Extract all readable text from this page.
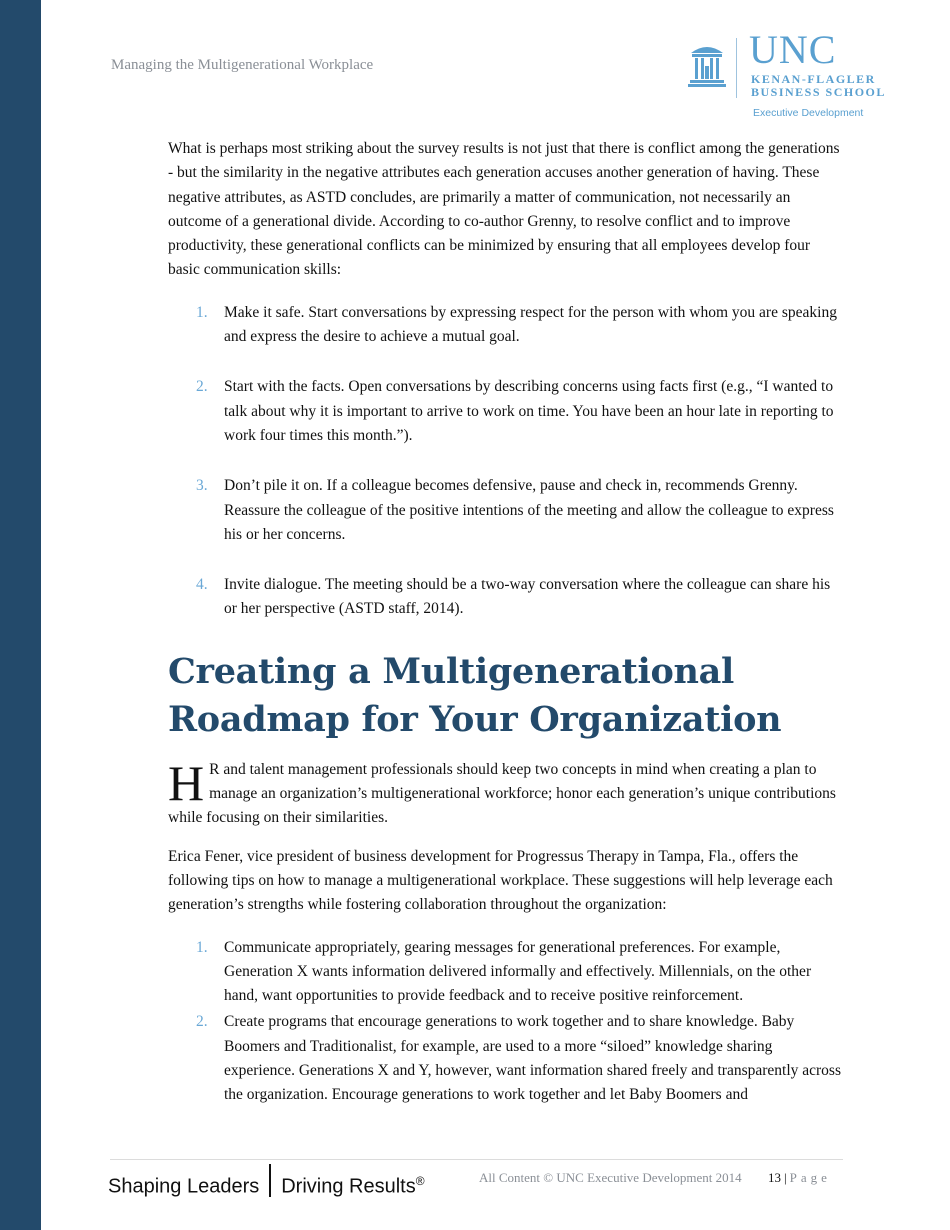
Managing the Multigenerational Workplace	UNC
KENAN-FLAGLER
BUSINESS SCHOOL
Executive Development

What is perhaps most striking about the survey results is not just that there is conflict among the generations - but the similarity in the negative attributes each generation accuses another generation of having. These negative attributes, as ASTD concludes, are primarily a matter of communication, not necessarily an outcome of a generational divide. According to co-author Grenny, to resolve conflict and to improve productivity, these generational conflicts can be minimized by ensuring that all employees develop four basic communication skills:

1. Make it safe. Start conversations by expressing respect for the person with whom you are speaking and express the desire to achieve a mutual goal.
2. Start with the facts. Open conversations by describing concerns using facts first (e.g., “I wanted to talk about why it is important to arrive to work on time. You have been an hour late in reporting to work four times this month.”).
3. Don’t pile it on. If a colleague becomes defensive, pause and check in, recommends Grenny. Reassure the colleague of the positive intentions of the meeting and allow the colleague to express his or her concerns.
4. Invite dialogue. The meeting should be a two-way conversation where the colleague can share his or her perspective (ASTD staff, 2014).
Creating a Multigenerational Roadmap for Your Organization

H R and talent management professionals should keep two concepts in mind when creating a plan to manage an organization’s multigenerational workforce; honor each generation’s unique contributions while focusing on their similarities.

Erica Fener, vice president of business development for Progressus Therapy in Tampa, Fla., offers the following tips on how to manage a multigenerational workplace. These suggestions will help leverage each generation’s strengths while fostering collaboration throughout the organization:

1. Communicate appropriately, gearing messages for generational preferences. For example, Generation X wants information delivered informally and effectively. Millennials, on the other hand, want opportunities to provide feedback and to receive positive reinforcement.
2. Create programs that encourage generations to work together and to share knowledge. Baby Boomers and Traditionalist, for example, are used to a more “siloed” knowledge sharing experience. Generations X and Y, however, want information shared freely and transparently across the organization. Encourage generations to work together and let Baby Boomers and
Shaping Leaders Driving Results®	All Content © UNC Executive Development 2014 13 | Page
